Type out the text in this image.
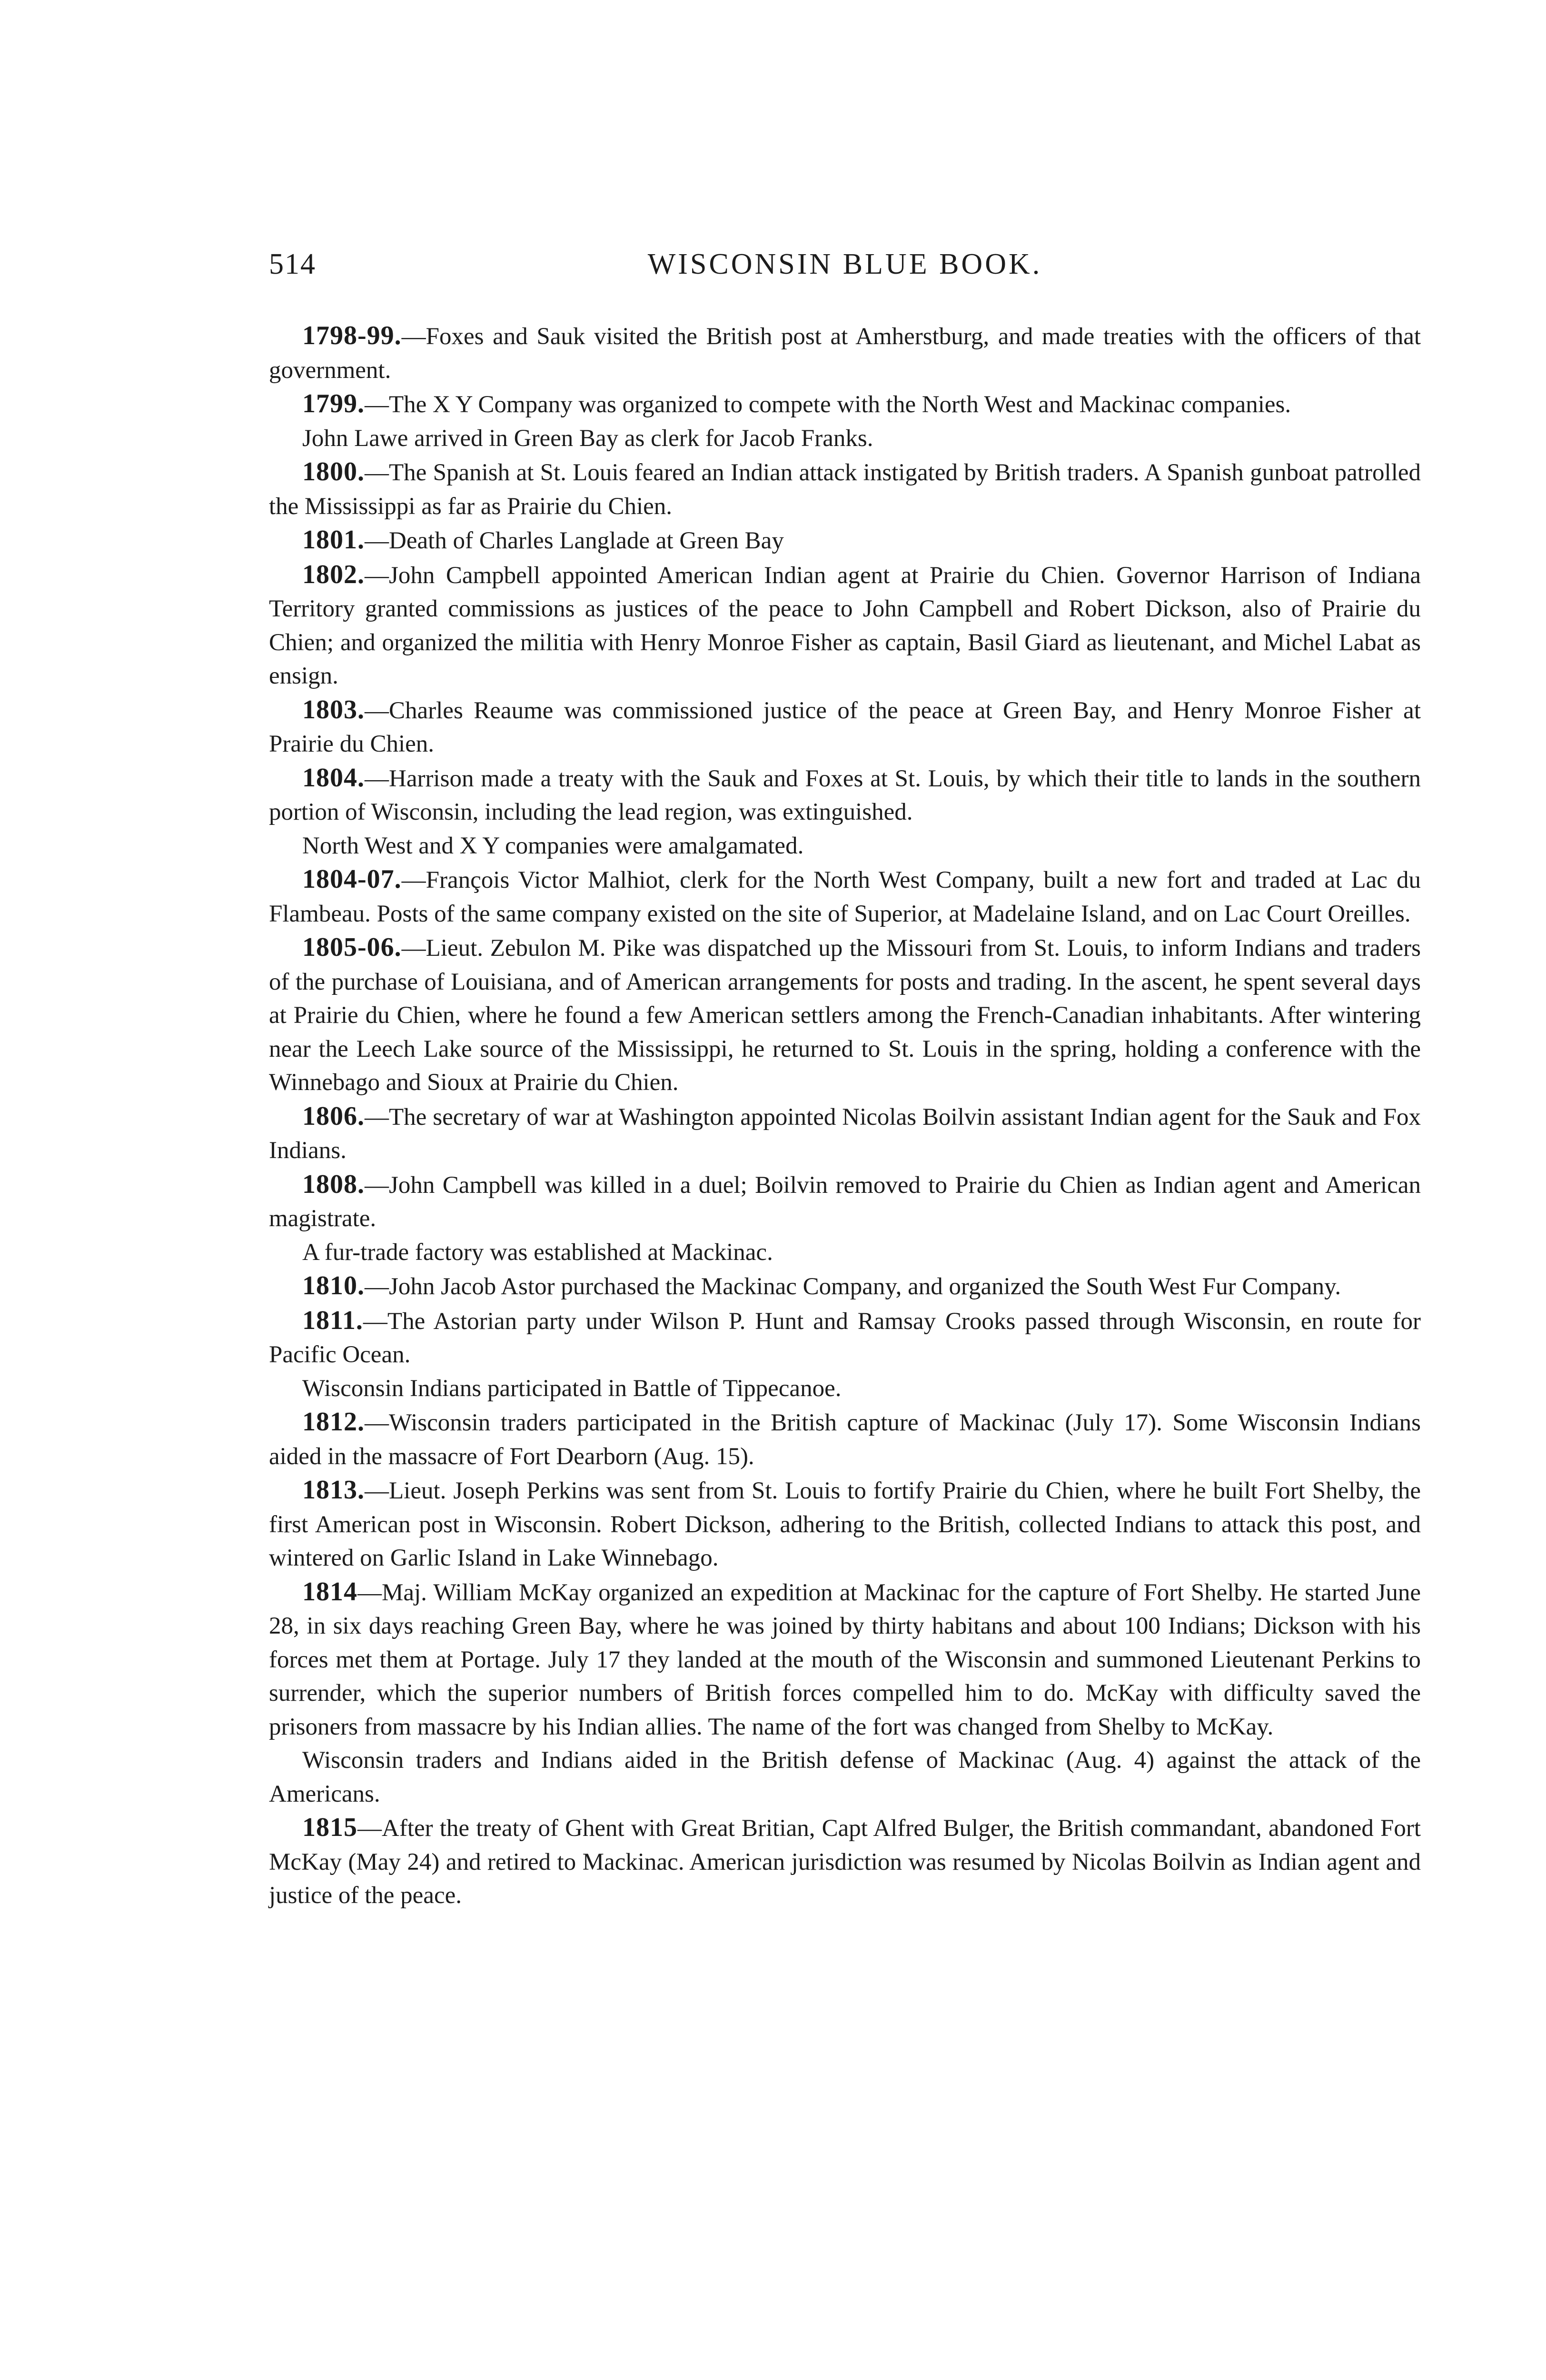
514	WISCONSIN BLUE BOOK.

1798-99.—Foxes and Sauk visited the British post at Amherstburg, and made treaties with the officers of that government.

1799.—The X Y Company was organized to compete with the North West and Mackinac companies.

John Lawe arrived in Green Bay as clerk for Jacob Franks.

1800.—The Spanish at St. Louis feared an Indian attack instigated by British traders. A Spanish gunboat patrolled the Mississippi as far as Prairie du Chien.

1801.—Death of Charles Langlade at Green Bay

1802.—John Campbell appointed American Indian agent at Prairie du Chien. Governor Harrison of Indiana Territory granted commissions as justices of the peace to John Campbell and Robert Dickson, also of Prairie du Chien; and organized the militia with Henry Monroe Fisher as captain, Basil Giard as lieutenant, and Michel Labat as ensign.

1803.—Charles Reaume was commissioned justice of the peace at Green Bay, and Henry Monroe Fisher at Prairie du Chien.

1804.—Harrison made a treaty with the Sauk and Foxes at St. Louis, by which their title to lands in the southern portion of Wisconsin, including the lead region, was extinguished.

North West and X Y companies were amalgamated.

1804-07.—François Victor Malhiot, clerk for the North West Company, built a new fort and traded at Lac du Flambeau. Posts of the same company existed on the site of Superior, at Madelaine Island, and on Lac Court Oreilles.

1805-06.—Lieut. Zebulon M. Pike was dispatched up the Missouri from St. Louis, to inform Indians and traders of the purchase of Louisiana, and of American arrangements for posts and trading. In the ascent, he spent several days at Prairie du Chien, where he found a few American settlers among the French-Canadian inhabitants. After wintering near the Leech Lake source of the Mississippi, he returned to St. Louis in the spring, holding a conference with the Winnebago and Sioux at Prairie du Chien.

1806.—The secretary of war at Washington appointed Nicolas Boilvin assistant Indian agent for the Sauk and Fox Indians.

1808.—John Campbell was killed in a duel; Boilvin removed to Prairie du Chien as Indian agent and American magistrate.

A fur-trade factory was established at Mackinac.

1810.—John Jacob Astor purchased the Mackinac Company, and organized the South West Fur Company.

1811.—The Astorian party under Wilson P. Hunt and Ramsay Crooks passed through Wisconsin, en route for Pacific Ocean.

Wisconsin Indians participated in Battle of Tippecanoe.

1812.—Wisconsin traders participated in the British capture of Mackinac (July 17). Some Wisconsin Indians aided in the massacre of Fort Dearborn (Aug. 15).

1813.—Lieut. Joseph Perkins was sent from St. Louis to fortify Prairie du Chien, where he built Fort Shelby, the first American post in Wisconsin. Robert Dickson, adhering to the British, collected Indians to attack this post, and wintered on Garlic Island in Lake Winnebago.

1814—Maj. William McKay organized an expedition at Mackinac for the capture of Fort Shelby. He started June 28, in six days reaching Green Bay, where he was joined by thirty habitans and about 100 Indians; Dickson with his forces met them at Portage. July 17 they landed at the mouth of the Wisconsin and summoned Lieutenant Perkins to surrender, which the superior numbers of British forces compelled him to do. McKay with difficulty saved the prisoners from massacre by his Indian allies. The name of the fort was changed from Shelby to McKay.

Wisconsin traders and Indians aided in the British defense of Mackinac (Aug. 4) against the attack of the Americans.

1815—After the treaty of Ghent with Great Britian, Capt Alfred Bulger, the British commandant, abandoned Fort McKay (May 24) and retired to Mackinac. American jurisdiction was resumed by Nicolas Boilvin as Indian agent and justice of the peace.
